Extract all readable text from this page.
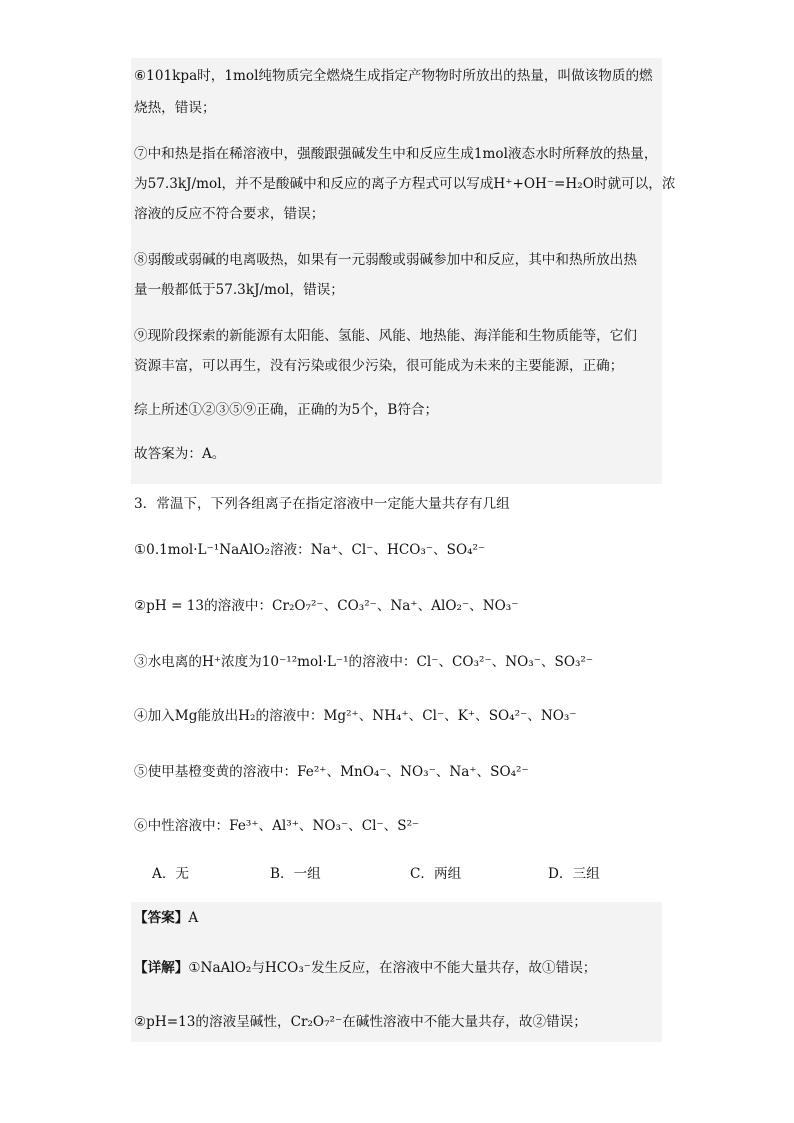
⑥101kpa时，1mol纯物质完全燃烧生成指定产物物时所放出的热量，叫做该物质的燃

烧热，错误；

⑦中和热是指在稀溶液中，强酸跟强碱发生中和反应生成1mol液态水时所释放的热量，

为57.3kJ/mol，并不是酸碱中和反应的离子方程式可以写成H⁺+OH⁻=H₂O时就可以，浓

溶液的反应不符合要求，错误；

⑧弱酸或弱碱的电离吸热，如果有一元弱酸或弱碱参加中和反应，其中和热所放出热

量一般都低于57.3kJ/mol，错误；

⑨现阶段探索的新能源有太阳能、氢能、风能、地热能、海洋能和生物质能等，它们

资源丰富，可以再生，没有污染或很少污染，很可能成为未来的主要能源，正确；

综上所述①②③⑤⑨正确，正确的为5个，B符合；

故答案为：A。

3．常温下，下列各组离子在指定溶液中一定能大量共存有几组

①0.1mol·L⁻¹NaAlO₂溶液：Na⁺、Cl⁻、HCO₃⁻、SO₄²⁻

②pH = 13的溶液中：Cr₂O₇²⁻、CO₃²⁻、Na⁺、AlO₂⁻、NO₃⁻

③水电离的H⁺浓度为10⁻¹²mol·L⁻¹的溶液中：Cl⁻、CO₃²⁻、NO₃⁻、SO₃²⁻

④加入Mg能放出H₂的溶液中：Mg²⁺、NH₄⁺、Cl⁻、K⁺、SO₄²⁻、NO₃⁻

⑤使甲基橙变黄的溶液中：Fe²⁺、MnO₄⁻、NO₃⁻、Na⁺、SO₄²⁻

⑥中性溶液中：Fe³⁺、Al³⁺、NO₃⁻、Cl⁻、S²⁻

A．无	B．一组	C．两组	D．三组

【答案】A

【详解】①NaAlO₂与HCO₃⁻发生反应，在溶液中不能大量共存，故①错误；

②pH=13的溶液呈碱性，Cr₂O₇²⁻在碱性溶液中不能大量共存，故②错误；
